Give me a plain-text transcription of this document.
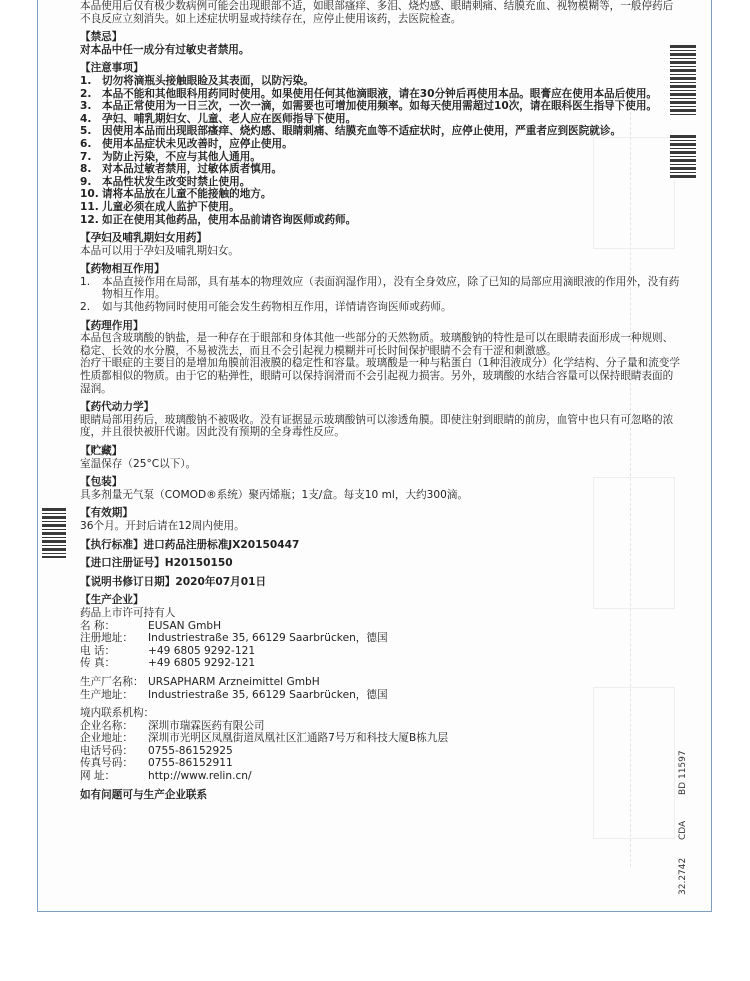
BD 11597
CDA
32.2742

本品使用后仅有极少数病例可能会出现眼部不适，如眼部瘙痒、多泪、烧灼感、眼睛刺痛、结膜充血、视物模糊等，一般停药后不良反应立刻消失。如上述症状明显或持续存在，应停止使用该药，去医院检查。

【禁忌】

对本品中任一成分有过敏史者禁用。

【注意事项】

1. 切勿将滴瓶头接触眼睑及其表面，以防污染。
2. 本品不能和其他眼科用药同时使用。如果使用任何其他滴眼液，请在30分钟后再使用本品。眼膏应在使用本品后使用。
3. 本品正常使用为一日三次，一次一滴，如需要也可增加使用频率。如每天使用需超过10次，请在眼科医生指导下使用。
4. 孕妇、哺乳期妇女、儿童、老人应在医师指导下使用。
5. 因使用本品而出现眼部瘙痒、烧灼感、眼睛刺痛、结膜充血等不适症状时，应停止使用，严重者应到医院就诊。
6. 使用本品症状未见改善时，应停止使用。
7. 为防止污染，不应与其他人通用。
8. 对本品过敏者禁用，过敏体质者慎用。
9. 本品性状发生改变时禁止使用。
10. 请将本品放在儿童不能接触的地方。
11. 儿童必须在成人监护下使用。
12. 如正在使用其他药品，使用本品前请咨询医师或药师。

【孕妇及哺乳期妇女用药】

本品可以用于孕妇及哺乳期妇女。

【药物相互作用】

1.	本品直接作用在局部，具有基本的物理效应（表面润湿作用），没有全身效应，除了已知的局部应用滴眼液的作用外，没有药物相互作用。
2.	如与其他药物同时使用可能会发生药物相互作用，详情请咨询医师或药师。

【药理作用】

本品包含玻璃酸的钠盐，是一种存在于眼部和身体其他一些部分的天然物质。玻璃酸钠的特性是可以在眼睛表面形成一种规则、稳定、长效的水分膜，不易被洗去，而且不会引起视力模糊并可长时间保护眼睛不会有干涩和刺激感。

治疗干眼症的主要目的是增加角膜前泪液膜的稳定性和容量。玻璃酸是一种与粘蛋白（1种泪液成分）化学结构、分子量和流变学性质都相似的物质。由于它的粘弹性，眼睛可以保持润滑而不会引起视力损害。另外，玻璃酸的水结合容量可以保持眼睛表面的湿润。

【药代动力学】

眼睛局部用药后，玻璃酸钠不被吸收。没有证据显示玻璃酸钠可以渗透角膜。即使注射到眼睛的前房，血管中也只有可忽略的浓度，并且很快被肝代谢。因此没有预期的全身毒性反应。

【贮藏】

室温保存（25°C以下）。

【包装】

具多剂量无气泵（COMOD®系统）聚丙烯瓶；1支/盒。每支10 ml，大约300滴。

【有效期】

36个月。开封后请在12周内使用。

【执行标准】进口药品注册标准JX20150447

【进口注册证号】H20150150

【说明书修订日期】2020年07月01日

【生产企业】

药品上市许可持有人

名 称：	EUSAN GmbH
注册地址：	Industriestraße 35, 66129 Saarbrücken，德国
电 话：	+49 6805 9292-121
传 真：	+49 6805 9292-121
生产厂名称： URSAPHARM Arzneimittel GmbH
生产地址：	Industriestraße 35, 66129 Saarbrücken，德国

境内联系机构：

企业名称：	深圳市瑞霖医药有限公司
企业地址：	深圳市光明区凤凰街道凤凰社区汇通路7号万和科技大厦B栋九层
电话号码：	0755-86152925
传真号码：	0755-86152911
网 址：	http://www.relin.cn/

如有问题可与生产企业联系
